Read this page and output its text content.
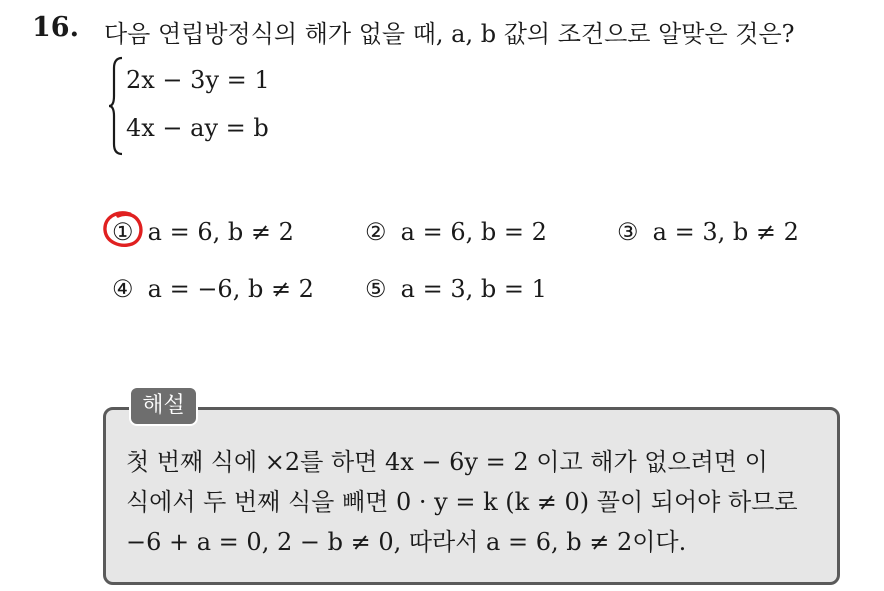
16. 다음 연립방정식의 해가 없을 때, a, b 값의 조건으로 알맞은 것은?
2x − 3y = 1
4x − ay = b
① a = 6, b ≠ 2	② a = 6, b = 2	③ a = 3, b ≠ 2
④ a = −6, b ≠ 2 ⑤ a = 3, b = 1
해설
첫 번째 식에 ×2를 하면 4x − 6y = 2 이고 해가 없으려면 이
식에서 두 번째 식을 빼면 0 · y = k (k ≠ 0) 꼴이 되어야 하므로
−6 + a = 0, 2 − b ≠ 0, 따라서 a = 6, b ≠ 2이다.
